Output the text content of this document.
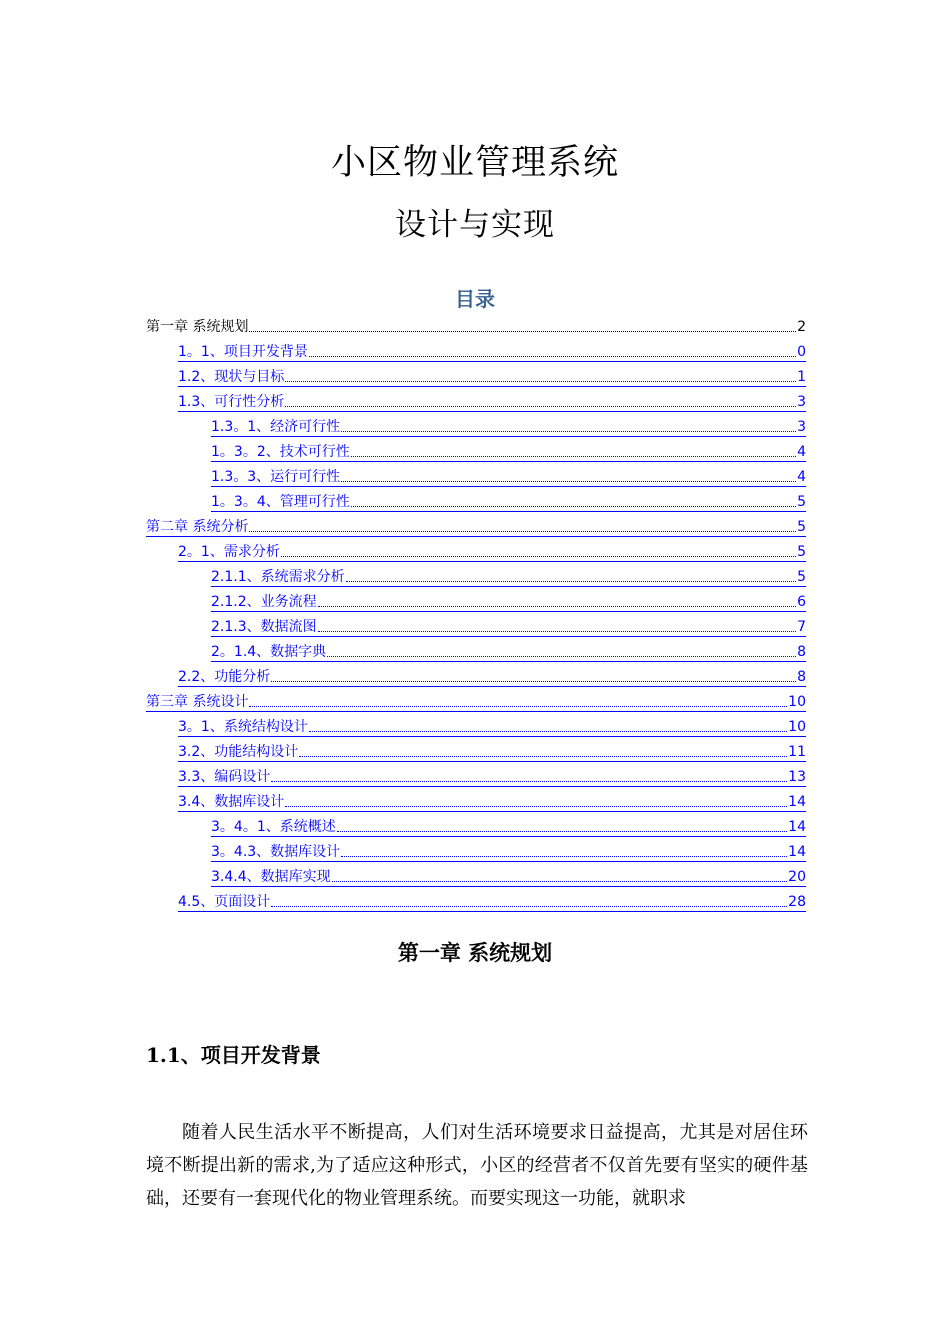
小区物业管理系统
设计与实现
目录
第一章 系统规划	2
1。1、项目开发背景	0
1.2、现状与目标	1
1.3、可行性分析	3
1.3。1、经济可行性	3
1。3。2、技术可行性	4
1.3。3、运行可行性	4
1。3。4、管理可行性	5
第二章 系统分析	5
2。1、需求分析	5
2.1.1、系统需求分析	5
2.1.2、业务流程	6
2.1.3、数据流图	7
2。1.4、数据字典	8
2.2、功能分析	8
第三章 系统设计	10
3。1、系统结构设计	10
3.2、功能结构设计	11
3.3、编码设计	13
3.4、数据库设计	14
3。4。1、系统概述	14
3。4.3、数据库设计	14
3.4.4、数据库实现	20
4.5、页面设计	28
第一章 系统规划
1.1、项目开发背景

随着人民生活水平不断提高，人们对生活环境要求日益提高，尤其是对居住环境不断提出新的需求,为了适应这种形式，小区的经营者不仅首先要有坚实的硬件基础，还要有一套现代化的物业管理系统。而要实现这一功能，就职求
